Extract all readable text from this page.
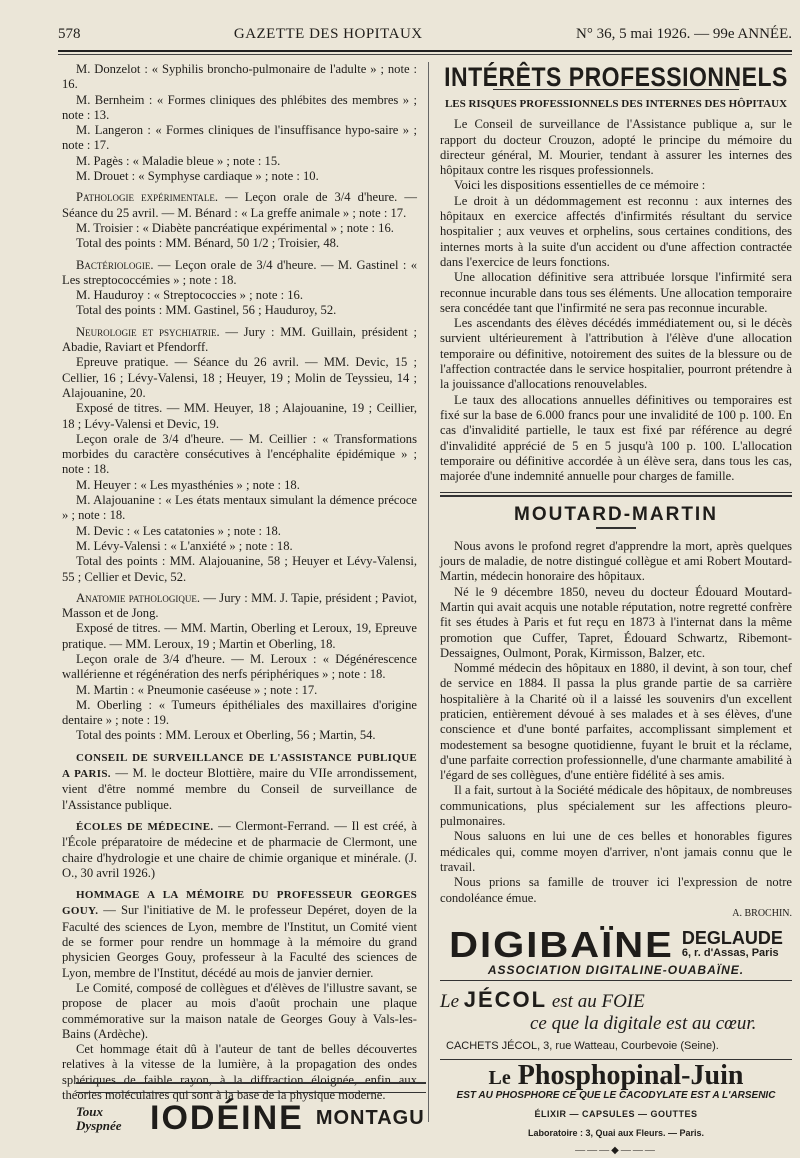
578	GAZETTE DES HOPITAUX	N° 36, 5 mai 1926. — 99e ANNÉE.

M. Donzelot : « Syphilis broncho-pulmonaire de l'adulte » ; note : 16.

M. Bernheim : « Formes cliniques des phlébites des membres » ; note : 13.

M. Langeron : « Formes cliniques de l'insuffisance hypo-saire » ; note : 17.

M. Pagès : « Maladie bleue » ; note : 15.

M. Drouet : « Symphyse cardiaque » ; note : 10.

Pathologie expérimentale. — Leçon orale de 3/4 d'heure. — Séance du 25 avril. — M. Bénard : « La greffe animale » ; note : 17.

M. Troisier : « Diabète pancréatique expérimental » ; note : 16.

Total des points : MM. Bénard, 50 1/2 ; Troisier, 48.

Bactériologie. — Leçon orale de 3/4 d'heure. — M. Gastinel : « Les streptococcémies » ; note : 18.

M. Hauduroy : « Streptococcies » ; note : 16.

Total des points : MM. Gastinel, 56 ; Hauduroy, 52.

Neurologie et psychiatrie. — Jury : MM. Guillain, président ; Abadie, Raviart et Pfendorff.

Epreuve pratique. — Séance du 26 avril. — MM. Devic, 15 ; Cellier, 16 ; Lévy-Valensi, 18 ; Heuyer, 19 ; Molin de Teyssieu, 14 ; Alajouanine, 20.

Exposé de titres. — MM. Heuyer, 18 ; Alajouanine, 19 ; Ceillier, 18 ; Lévy-Valensi et Devic, 19.

Leçon orale de 3/4 d'heure. — M. Ceillier : « Transformations morbides du caractère consécutives à l'encéphalite épidémique » ; note : 18.

M. Heuyer : « Les myasthénies » ; note : 18.

M. Alajouanine : « Les états mentaux simulant la démence précoce » ; note : 18.

M. Devic : « Les catatonies » ; note : 18.

M. Lévy-Valensi : « L'anxiété » ; note : 18.

Total des points : MM. Alajouanine, 58 ; Heuyer et Lévy-Valensi, 55 ; Cellier et Devic, 52.

Anatomie pathologique. — Jury : MM. J. Tapie, président ; Paviot, Masson et de Jong.

Exposé de titres. — MM. Martin, Oberling et Leroux, 19, Epreuve pratique. — MM. Leroux, 19 ; Martin et Oberling, 18.

Leçon orale de 3/4 d'heure. — M. Leroux : « Dégénérescence wallérienne et régénération des nerfs périphériques » ; note : 18.

M. Martin : « Pneumonie caséeuse » ; note : 17.

M. Oberling : « Tumeurs épithéliales des maxillaires d'origine dentaire » ; note : 19.

Total des points : MM. Leroux et Oberling, 56 ; Martin, 54.

CONSEIL DE SURVEILLANCE DE L'ASSISTANCE PUBLIQUE A PARIS. — M. le docteur Blottière, maire du VIIe arrondissement, vient d'être nommé membre du Conseil de surveillance de l'Assistance publique.

ÉCOLES DE MÉDECINE. — Clermont-Ferrand. — Il est créé, à l'École préparatoire de médecine et de pharmacie de Clermont, une chaire d'hydrologie et une chaire de chimie organique et minérale. (J. O., 30 avril 1926.)

HOMMAGE A LA MÉMOIRE DU PROFESSEUR GEORGES GOUY. — Sur l'initiative de M. le professeur Depéret, doyen de la Faculté des sciences de Lyon, membre de l'Institut, un Comité vient de se former pour rendre un hommage à la mémoire du grand physicien Georges Gouy, professeur à la Faculté des sciences de Lyon, membre de l'Institut, décédé au mois de janvier dernier.

Le Comité, composé de collègues et d'élèves de l'illustre savant, se propose de placer au mois d'août prochain une plaque commémorative sur la maison natale de Georges Gouy à Vals-les-Bains (Ardèche).

Cet hommage était dû à l'auteur de tant de belles découvertes relatives à la vitesse de la lumière, à la propagation des ondes sphériques de faible rayon, à la diffraction éloignée, enfin aux théories moléculaires qui sont à la base de la physique moderne.

INTÉRÊTS PROFESSIONNELS
LES RISQUES PROFESSIONNELS DES INTERNES DES HÔPITAUX

Le Conseil de surveillance de l'Assistance publique a, sur le rapport du docteur Crouzon, adopté le principe du mémoire du directeur général, M. Mourier, tendant à assurer les internes des hôpitaux contre les risques professionnels.

Voici les dispositions essentielles de ce mémoire :

Le droit à un dédommagement est reconnu : aux internes des hôpitaux en exercice affectés d'infirmités résultant du service hospitalier ; aux veuves et orphelins, sous certaines conditions, des internes morts à la suite d'un accident ou d'une affection contractée dans l'exercice de leurs fonctions.

Une allocation définitive sera attribuée lorsque l'infirmité sera reconnue incurable dans tous ses éléments. Une allocation temporaire sera concédée tant que l'infirmité ne sera pas reconnue incurable.

Les ascendants des élèves décédés immédiatement ou, si le décès survient ultérieurement à l'attribution à l'élève d'une allocation temporaire ou définitive, notoirement des suites de la blessure ou de l'affection contractée dans le service hospitalier, pourront prétendre à la jouissance d'allocations renouvelables.

Le taux des allocations annuelles définitives ou temporaires est fixé sur la base de 6.000 francs pour une invalidité de 100 p. 100. En cas d'invalidité partielle, le taux est fixé par référence au degré d'invalidité apprécié de 5 en 5 jusqu'à 100 p. 100. L'allocation temporaire ou définitive accordée à un élève sera, dans tous les cas, majorée d'une indemnité annuelle pour charges de famille.

MOUTARD-MARTIN

Nous avons le profond regret d'apprendre la mort, après quelques jours de maladie, de notre distingué collègue et ami Robert Moutard-Martin, médecin honoraire des hôpitaux.

Né le 9 décembre 1850, neveu du docteur Édouard Moutard-Martin qui avait acquis une notable réputation, notre regretté confrère fit ses études à Paris et fut reçu en 1873 à l'internat dans la même promotion que Cuffer, Tapret, Édouard Schwartz, Ribemont-Dessaignes, Oulmont, Porak, Kirmisson, Balzer, etc.

Nommé médecin des hôpitaux en 1880, il devint, à son tour, chef de service en 1884. Il passa la plus grande partie de sa carrière hospitalière à la Charité où il a laissé les souvenirs d'un excellent praticien, entièrement dévoué à ses malades et à ses élèves, d'une conscience et d'une bonté parfaites, accomplissant simplement et modestement sa besogne quotidienne, fuyant le bruit et la réclame, d'une parfaite correction professionnelle, d'une charmante amabilité à l'égard de ses collègues, d'une entière fidélité à ses amis.

Il a fait, surtout à la Société médicale des hôpitaux, de nombreuses communications, plus spécialement sur les affections pleuro-pulmonaires.

Nous saluons en lui une de ces belles et honorables figures médicales qui, comme moyen d'arriver, n'ont jamais connu que le travail.

Nous prions sa famille de trouver ici l'expression de notre condoléance émue.

A. BROCHIN.
DIGIBAÏNE DEGLAUDE
6, r. d'Assas, Paris
ASSOCIATION DIGITALINE-OUABAÏNE.
Le JÉCOL est au FOIE
ce que la digitale est au cœur.
CACHETS JÉCOL, 3, rue Watteau, Courbevoie (Seine).
Le Phosphopinal-Juin
EST AU PHOSPHORE CE QUE LE CACODYLATE EST A L'ARSENIC
ÉLIXIR — CAPSULES — GOUTTES
Laboratoire : 3, Quai aux Fleurs. — Paris.
———◆———
Toux Dyspnée IODÉINE MONTAGU
